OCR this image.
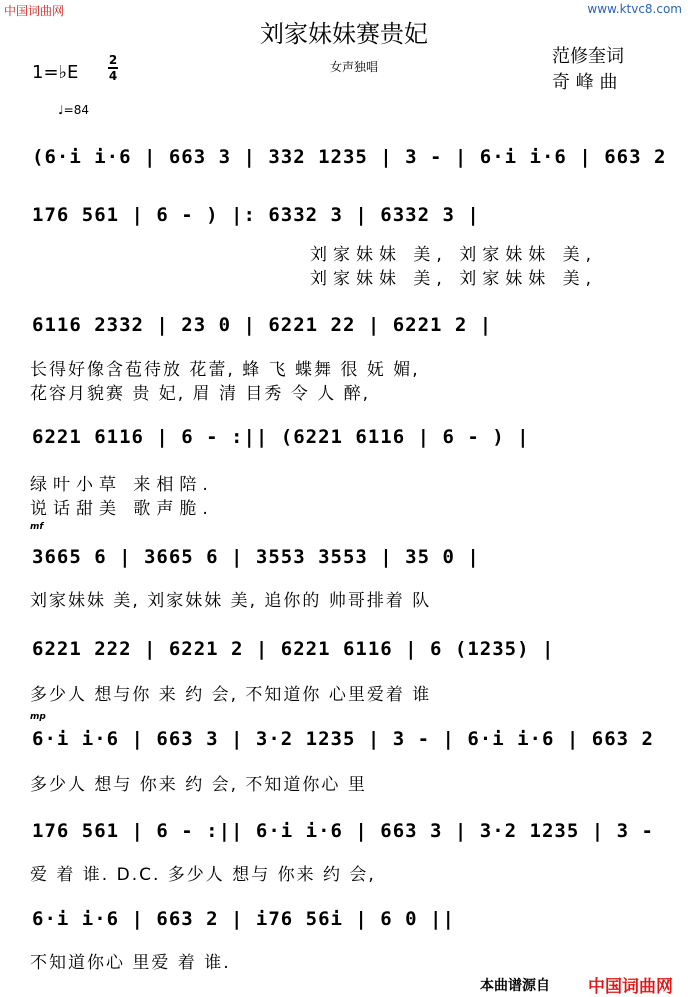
中国词曲网	www.ktvc8.com
刘家妹妹赛贵妃
女声独唱	范修奎词
奇 峰 曲
1=♭E
2
4
♩=84
(6·i i·6 | 663 3 | 332 1235 | 3 - | 6·i i·6 | 663 2
176 561 | 6 - ) |: 6332 3 | 6332 3 |
刘家妹妹 美, 刘家妹妹 美,
刘家妹妹 美, 刘家妹妹 美,
6116 2332 | 23 0 | 6221 22 | 6221 2 |
长得好像含苞待放 花蕾, 蜂 飞 蝶舞 很 妩 媚,
花容月貌赛 贵 妃, 眉 清 目秀 令 人 醉,
6221 6116 | 6 - :|| (6221 6116 | 6 - ) |
绿叶小草 来相陪.
说话甜美 歌声脆.
mf
3665 6 | 3665 6 | 3553 3553 | 35 0 |
刘家妹妹 美, 刘家妹妹 美, 追你的 帅哥排着 队
6221 222 | 6221 2 | 6221 6116 | 6 (1235) |
多少人 想与你 来 约 会, 不知道你 心里爱着 谁
mp
6·i i·6 | 663 3 | 3·2 1235 | 3 - | 6·i i·6 | 663 2
多少人 想与 你来 约 会, 不知道你心 里
176 561 | 6 - :|| 6·i i·6 | 663 3 | 3·2 1235 | 3 -
爱 着 谁. D.C. 多少人 想与 你来 约 会,
6·i i·6 | 663 2 | i76 56i | 6 0 ||
不知道你心 里爱 着 谁.
本曲谱源自 中国词曲网
